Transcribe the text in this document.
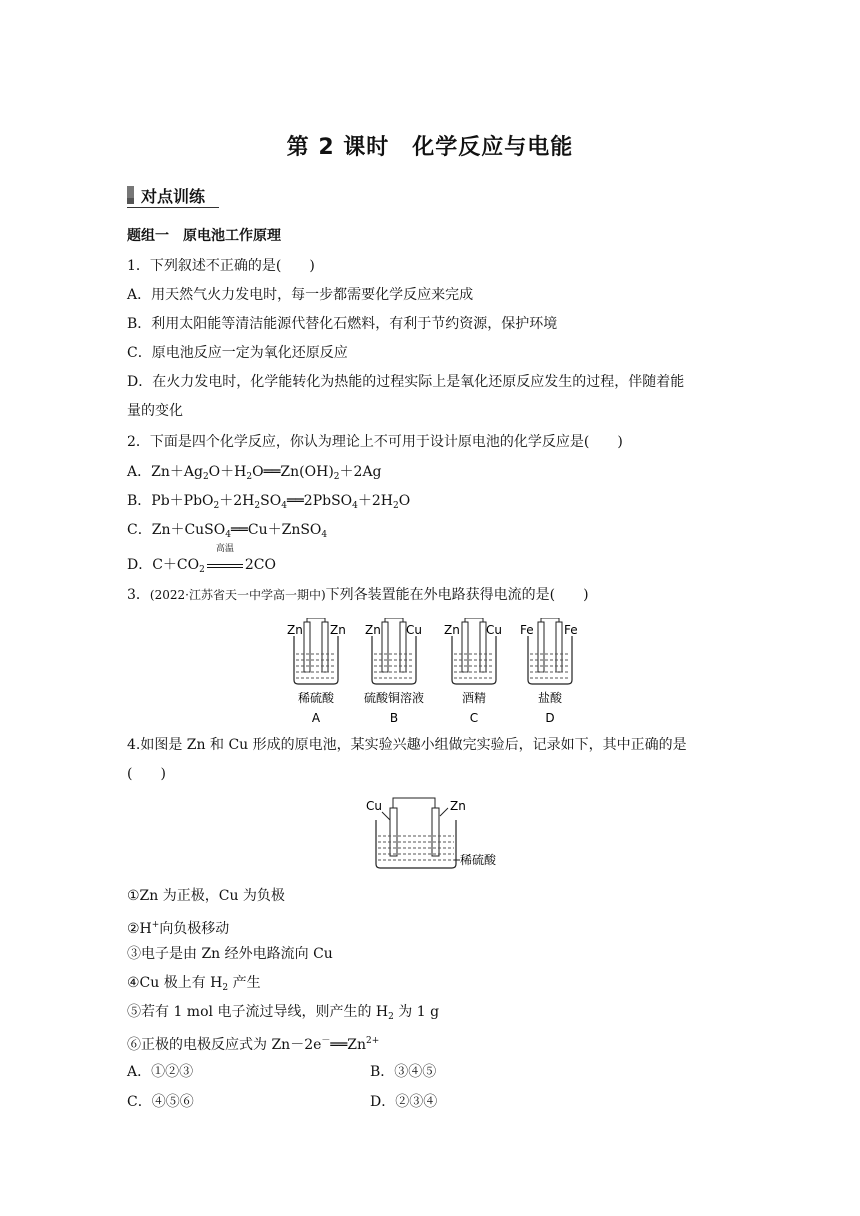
第 2 课时　化学反应与电能
对点训练
题组一　原电池工作原理
1．下列叙述不正确的是(　　)
A．用天然气火力发电时，每一步都需要化学反应来完成
B．利用太阳能等清洁能源代替化石燃料，有利于节约资源，保护环境
C．原电池反应一定为氧化还原反应
D．在火力发电时，化学能转化为热能的过程实际上是氧化还原反应发生的过程，伴随着能
量的变化
2．下面是四个化学反应，你认为理论上不可用于设计原电池的化学反应是(　　)
A．$Zn+Ag_2O+H_2O══Zn(OH)_2+2Ag$
B．$Pb+PbO_2+2H_2SO_4══2PbSO_4+2H_2O$
C．Zn＋CuSO$_4$══Cu＋ZnSO$_4$
D．$C+CO_2$
高温
2CO
3．(2022·江苏省天一中学高一期中)下列各装置能在外电路获得电流的是(　　)
Zn Zn
稀硫酸
A
Zn Cu
硫酸铜溶液
B
Zn Cu
酒精
C
Fe	Fe
盐酸
D
4.如图是 Zn 和 Cu 形成的原电池，某实验兴趣小组做完实验后，记录如下，其中正确的是
(　　)
Cu	Zn
稀硫酸
①Zn 为正极，Cu 为负极
②H+向负极移动
③电子是由 Zn 经外电路流向 Cu
④Cu 极上有 $H_2$ 产生
⑤若有 1 mol 电子流过导线，则产生的 $H_2$ 为 1 g
⑥正极的电极反应式为 $Zn-2e^-══Zn^{2+}$
A．①②③	B．③④⑤
C．④⑤⑥	D．②③④
